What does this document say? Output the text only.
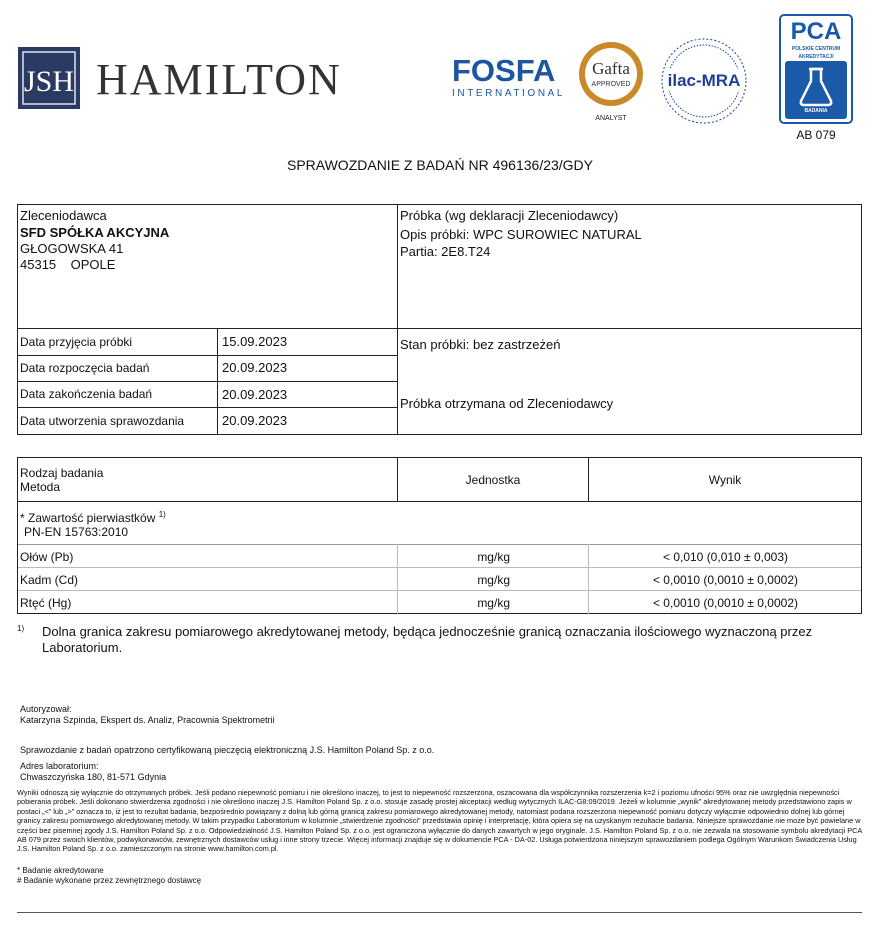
JSH HAMILTON	FOSFA
INTERNATIONAL
Gafta
APPROVED
ANALYST
ilac-MRA
PCA
POLSKIE CENTRUM
AKREDYTACJI
BADANIA
AB 079
SPRAWOZDANIE Z BADAŃ NR 496136/23/GDY
Zleceniodawca
SFD SPÓŁKA AKCYJNA
GŁOGOWSKA 41
45315    OPOLE
Próbka (wg deklaracji Zleceniodawcy)
Opis próbki: WPC SUROWIEC NATURAL
Partia: 2E8.T24
Data przyjęcia próbki	15.09.2023
Data rozpoczęcia badań	20.09.2023
Data zakończenia badań	20.09.2023
Data utworzenia sprawozdania	20.09.2023
Stan próbki: bez zastrzeżeń
Próbka otrzymana od Zleceniodawcy
Rodzaj badania
Metoda	Jednostka	Wynik
* Zawartość pierwiastków $^{1)}$
PN-EN 15763:2010
Ołów (Pb)	mg/kg	< 0,010 (0,010 ± 0,003)
Kadm (Cd)	mg/kg	< 0,0010 (0,0010 ± 0,0002)
Rtęć (Hg)	mg/kg	< 0,0010 (0,0010 ± 0,0002)
1) Dolna granica zakresu pomiarowego akredytowanej metody, będąca jednocześnie granicą oznaczania ilościowego wyznaczoną przez Laboratorium.
Autoryzował:
Katarzyna Szpinda, Ekspert ds. Analiz, Pracownia Spektrometrii
Sprawozdanie z badań opatrzono certyfikowaną pieczęcią elektroniczną J.S. Hamilton Poland Sp. z o.o.
Adres laboratorium:
Chwaszczyńska 180, 81-571 Gdynia
Wyniki odnoszą się wyłącznie do otrzymanych próbek. Jeśli podano niepewność pomiaru i nie określono inaczej, to jest to niepewność rozszerzona, oszacowana dla współczynnika rozszerzenia k=2 i poziomu ufności 95% oraz nie uwzględnia niepewności pobierania próbek. Jeśli dokonano stwierdzenia zgodności i nie określono inaczej J.S. Hamilton Poland Sp. z o.o. stosuje zasadę prostej akceptacji według wytycznych ILAC-G8:09/2019. Jeżeli w kolumnie „wynik” akredytowanej metody przedstawiono zapis w postaci „<” lub „>” oznacza to, iż jest to rezultat badania, bezpośrednio powiązany z dolną lub górną granicą zakresu pomiarowego akredytowanej metody, natomiast podana rozszerzona niepewność pomiaru dotyczy wyłącznie odpowiednio dolnej lub górnej granicy zakresu pomiarowego akredytowanej metody. W takim przypadku Laboratorium w kolumnie „stwierdzenie zgodności” przedstawia opinię i interpretację, która opiera się na uzyskanym rezultacie badania. Niniejsze sprawozdanie nie może być powielane w części bez pisemnej zgody J.S. Hamilton Poland Sp. z o.o. Odpowiedzialność J.S. Hamilton Poland Sp. z o.o. jest ograniczona wyłącznie do danych zawartych w jego oryginale. J.S. Hamilton Poland Sp. z o.o. nie zezwala na stosowanie symbolu akredytacji PCA AB 079 przez swoich klientów, podwykonawców, zewnętrznych dostawców usług i inne strony trzecie. Więcej informacji znajduje się w dokumencie PCA - DA-02. Usługa potwierdzona niniejszym sprawozdaniem podlega Ogólnym Warunkom Świadczenia Usług J.S. Hamilton Poland Sp. z o.o. zamieszczonym na stronie www.hamilton.com.pl.
* Badanie akredytowane
# Badanie wykonane przez zewnętrznego dostawcę
